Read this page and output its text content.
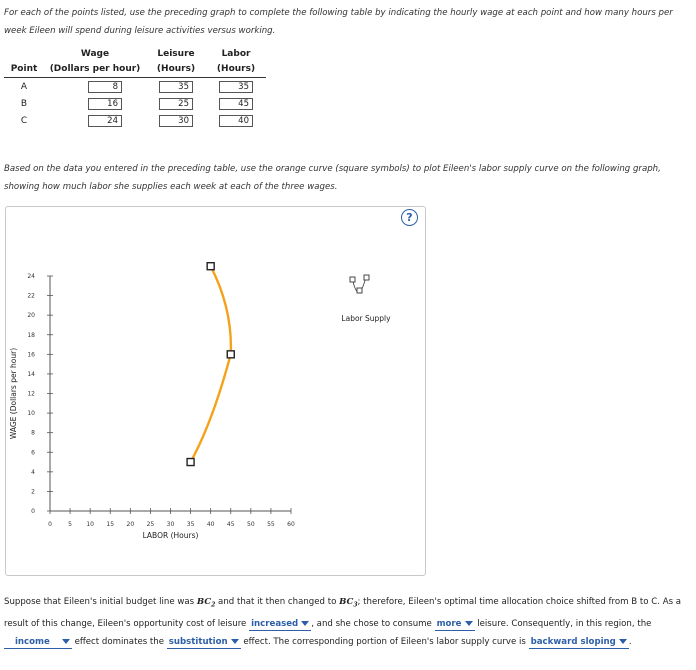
For each of the points listed, use the preceding graph to complete the following table by indicating the hourly wage at each point and how many hours per week Eileen will spend during leisure activities versus working.
	Wage	Leisure	Labor
Point	(Dollars per hour)	(Hours)	(Hours)
A	8	35	35
B	16	25	45
C	24	30	40
Based on the data you entered in the preceding table, use the orange curve (square symbols) to plot Eileen's labor supply curve on the following graph, showing how much labor she supplies each week at each of the three wages.
0	5 10 15 20 25 30 35 40 45 50 55 60
0
2
4
6
8
10
12
14
16
18
20
22
24
LABOR (Hours)
WAGE (Dollars per hour)
Labor Supply
?
Suppose that Eileen's initial budget line was $BC_2$ and that it then changed to $BC_3$; therefore, Eileen's optimal time allocation choice shifted from B to C. As a result of this change, Eileen's opportunity cost of leisure increased , and she chose to consume more leisure. Consequently, in this region, the    income	effect dominates the substitution effect. The corresponding portion of Eileen's labor supply curve is backward sloping .
